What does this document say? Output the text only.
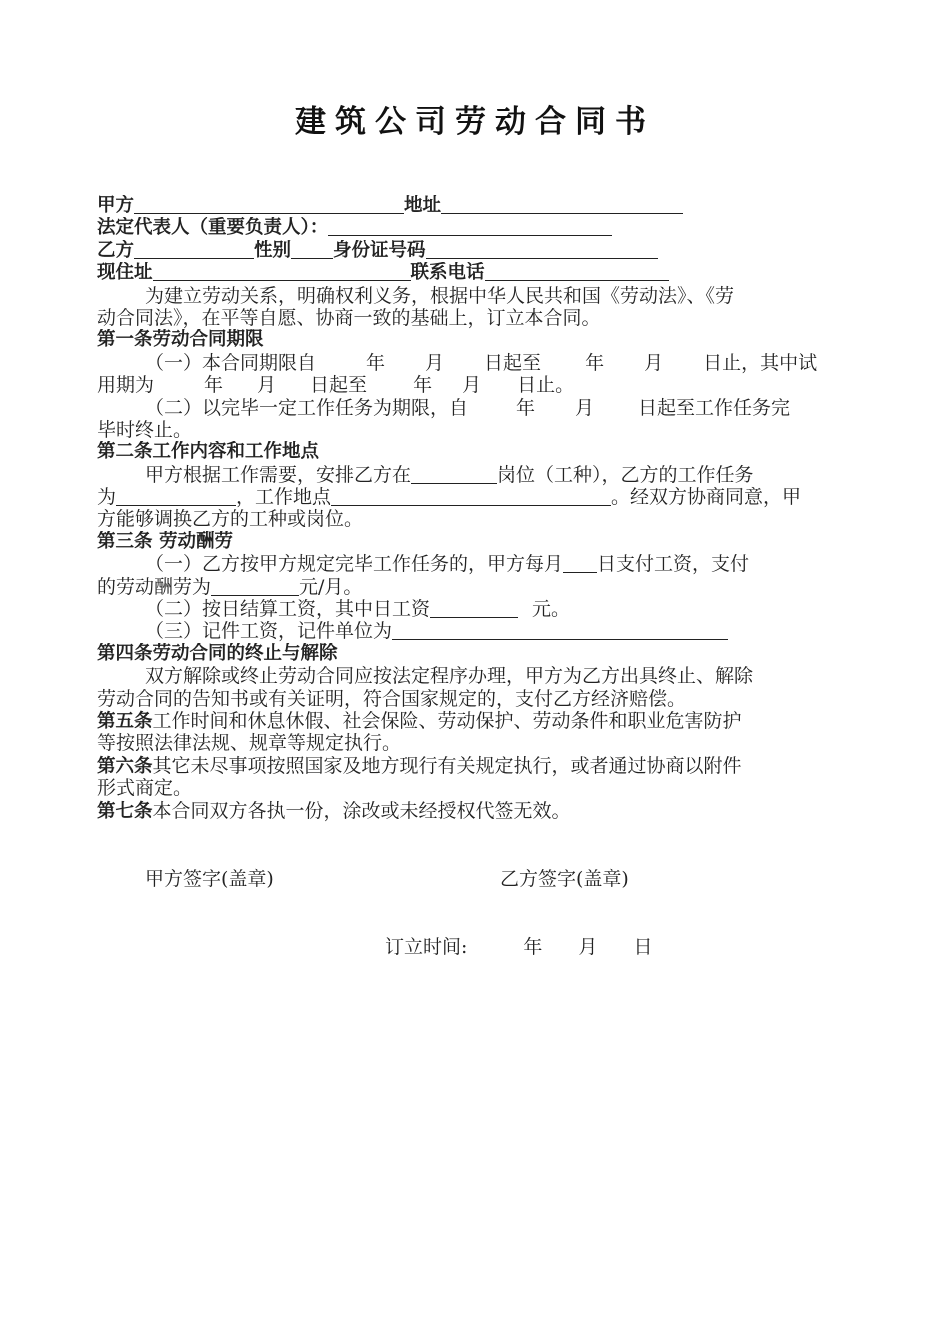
建筑公司劳动合同书
甲方	地址
法定代表人（重要负责人）：
乙方	性别 身份证号码
现住址	联系电话
为建立劳动关系，明确权利义务，根据中华人民共和国《劳动法》、《劳
动合同法》，在平等自愿、协商一致的基础上，订立本合同。
第一条劳动合同期限
（一）本合同期限自	年 月 日起至 年 月 日止，其中试
用期为	年 月 日起至 年 月 日止。
（二）以完毕一定工作任务为期限，自	年 月 日起至工作任务完
毕时终止。
第二条工作内容和工作地点
甲方根据工作需要，安排乙方在	岗位（工种），乙方的工作任务
为	，工作地点	。经双方协商同意，甲
方能够调换乙方的工种或岗位。
第三条 劳动酬劳
（一）乙方按甲方规定完毕工作任务的，甲方每月 日支付工资，支付
的劳动酬劳为	元/月。
（二）按日结算工资，其中日工资	元。
（三）记件工资，记件单位为
第四条劳动合同的终止与解除
双方解除或终止劳动合同应按法定程序办理，甲方为乙方出具终止、解除
劳动合同的告知书或有关证明，符合国家规定的，支付乙方经济赔偿。
第五条工作时间和休息休假、社会保险、劳动保护、劳动条件和职业危害防护
等按照法律法规、规章等规定执行。
第六条其它未尽事项按照国家及地方现行有关规定执行，或者通过协商以附件
形式商定。
第七条本合同双方各执一份，涂改或未经授权代签无效。
甲方签字(盖章)	乙方签字(盖章)
订立时间:	年 月 日
